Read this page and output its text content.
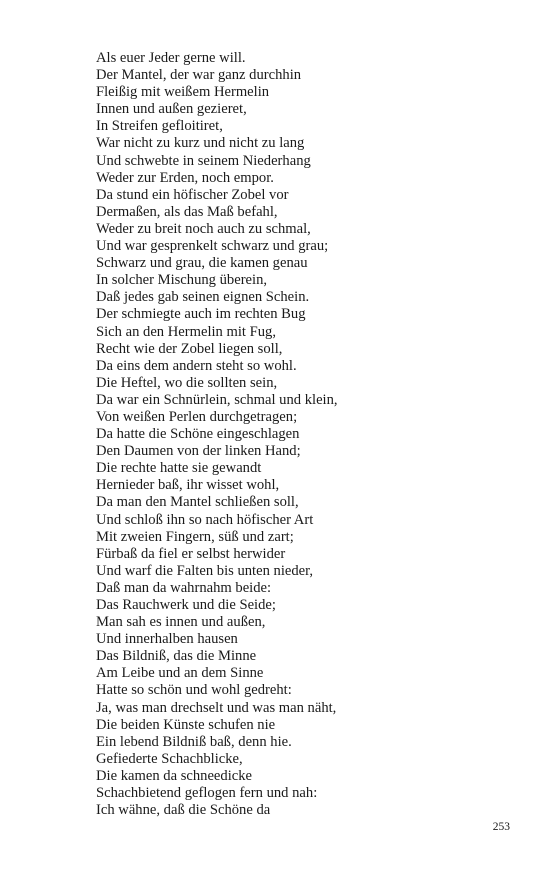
Als euer Jeder gerne will.
Der Mantel, der war ganz durchhin
Fleißig mit weißem Hermelin
Innen und außen gezieret,
In Streifen gefloitiret,
War nicht zu kurz und nicht zu lang
Und schwebte in seinem Niederhang
Weder zur Erden, noch empor.
Da stund ein höfischer Zobel vor
Dermaßen, als das Maß befahl,
Weder zu breit noch auch zu schmal,
Und war gesprenkelt schwarz und grau;
Schwarz und grau, die kamen genau
In solcher Mischung überein,
Daß jedes gab seinen eignen Schein.
Der schmiegte auch im rechten Bug
Sich an den Hermelin mit Fug,
Recht wie der Zobel liegen soll,
Da eins dem andern steht so wohl.
Die Heftel, wo die sollten sein,
Da war ein Schnürlein, schmal und klein,
Von weißen Perlen durchgetragen;
Da hatte die Schöne eingeschlagen
Den Daumen von der linken Hand;
Die rechte hatte sie gewandt
Hernieder baß, ihr wisset wohl,
Da man den Mantel schließen soll,
Und schloß ihn so nach höfischer Art
Mit zweien Fingern, süß und zart;
Fürbaß da fiel er selbst herwider
Und warf die Falten bis unten nieder,
Daß man da wahrnahm beide:
Das Rauchwerk und die Seide;
Man sah es innen und außen,
Und innerhalben hausen
Das Bildniß, das die Minne
Am Leibe und an dem Sinne
Hatte so schön und wohl gedreht:
Ja, was man drechselt und was man näht,
Die beiden Künste schufen nie
Ein lebend Bildniß baß, denn hie.
Gefiederte Schachblicke,
Die kamen da schneedicke
Schachbietend geflogen fern und nah:
Ich wähne, daß die Schöne da
253
